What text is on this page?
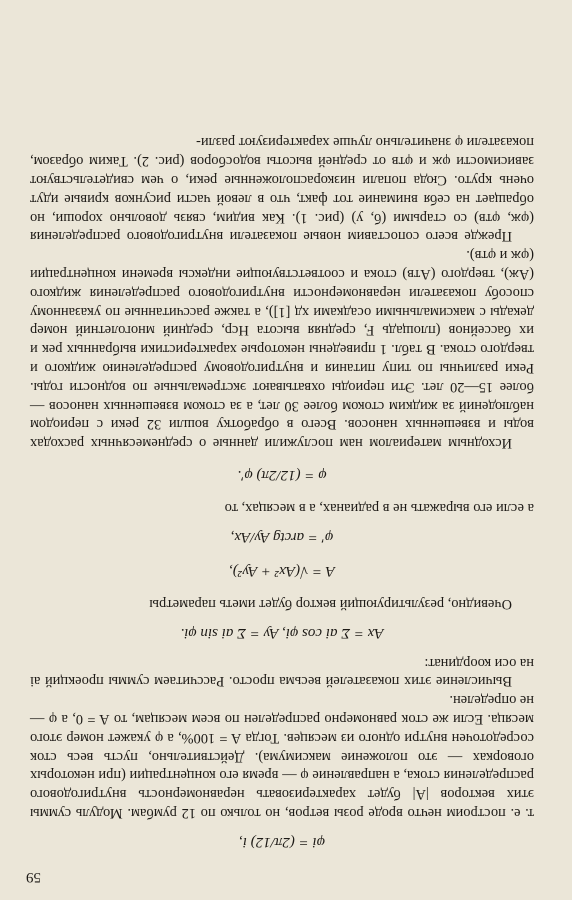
59
φi = (2π/12) i,

т. е. построим нечто вроде розы ветров, но только по 12 румбам. Модуль суммы этих векторов |A| будет характеризовать неравномерность внутригодового распределения стока, а направление φ — время его концентрации (при некоторых оговорках — это положение максимума). Действительно, пусть весь сток сосредоточен внутри одного из месяцев. Тогда A = 100%, а φ укажет номер этого месяца. Если же сток равномерно распределен по всем месяцам, то A = 0, а φ — не определен.

Вычисление этих показателей весьма просто. Рассчитаем суммы проекций ai на оси координат:

Ax = Σ ai cos φi, Ay = Σ ai sin φi.

Очевидно, результирующий вектор будет иметь параметры

A = √(Ax² + Ay²),
φ′ = arctg Ay/Ax,

а если его выражать не в радианах, а в месяцах, то

φ = (12/2π) φ′.

Исходным материалом нам послужили данные о среднемесячных расходах воды и взвешенных наносов. Всего в обработку вошли 32 реки с периодом наблюдений за жидким стоком более 30 лет, а за стоком взвешенных наносов — более 15—20 лет. Эти периоды охватывают экстремальные по водности годы. Реки различны по типу питания и внутригодовому распределению жидкого и твердого стока. В табл. 1 приведены некоторые характеристики выбранных рек и их бассейнов (площадь F, средняя высота Hср, средний многолетний номер декады с максимальными осадками xд [1]), а также рассчитанные по указанному способу показатели неравномерности внутригодового распределения жидкого (Aж), твердого (Aтв) стока и соответствующие индексы времени концентрации (φж и φтв).

Прежде всего сопоставим новые показатели внутригодового распределения (φж, φтв) со старыми (б, у) (рис. 1). Как видим, связь довольно хороши, но обращает на себя внимание тот факт, что в левой части рисунков кривые идут очень круто. Сюда попали низкорасположенные реки, о чем свидетельствуют зависимости φж и φтв от средней высоты водосборов (рис. 2). Таким образом, показатели φ значительно лучше характеризуют разли-
